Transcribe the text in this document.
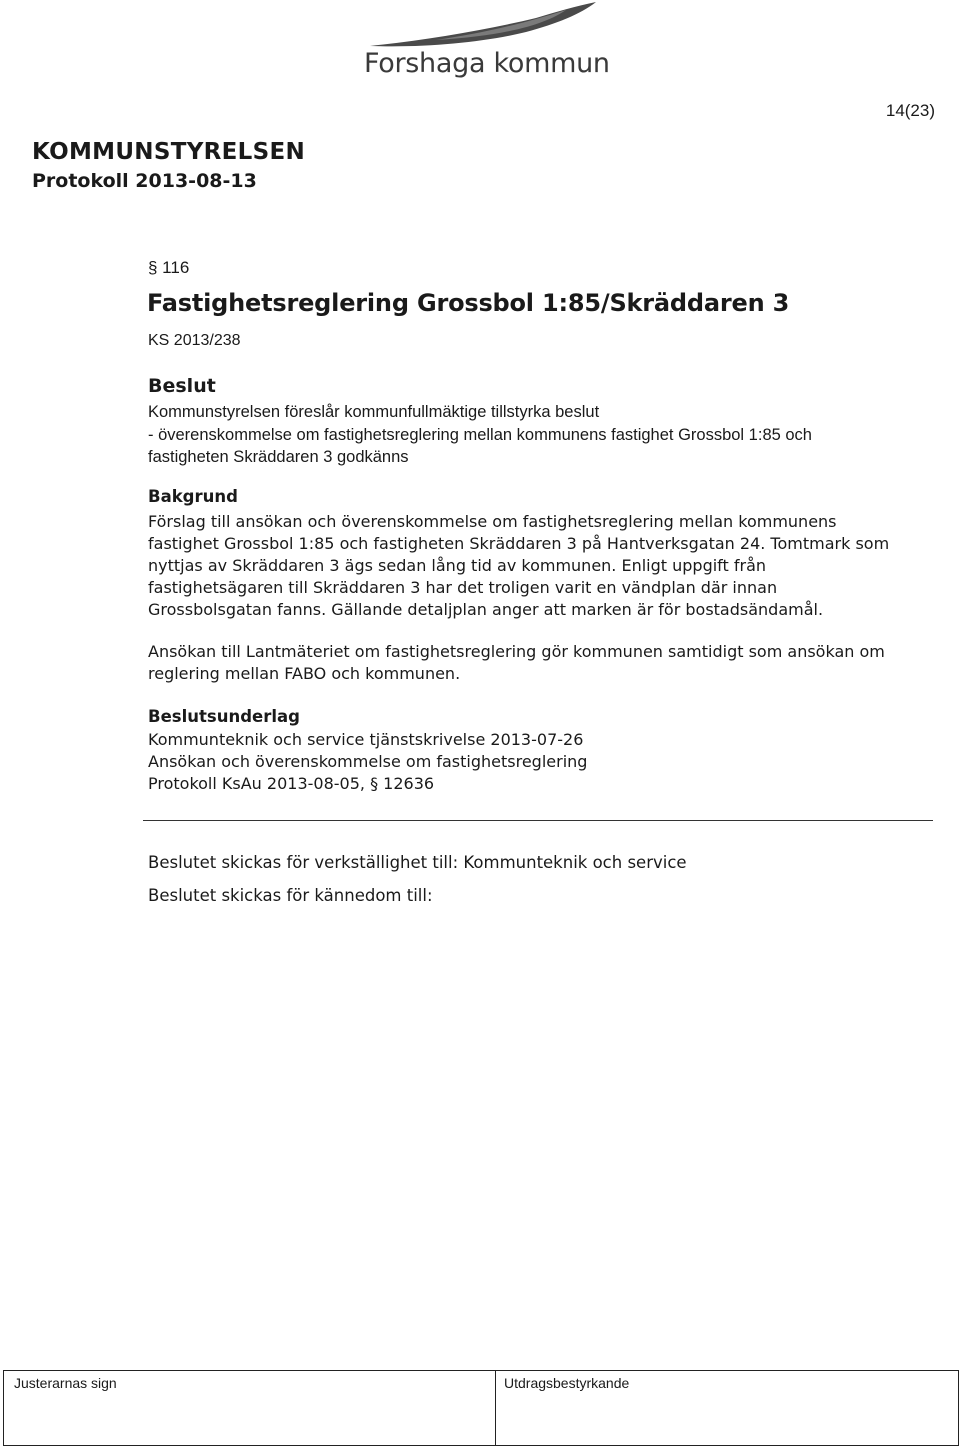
Forshaga kommun
14(23)
KOMMUNSTYRELSEN
Protokoll 2013-08-13
§ 116
Fastighetsreglering Grossbol 1:85/Skräddaren 3
KS 2013/238
Beslut
Kommunstyrelsen föreslår kommunfullmäktige tillstyrka beslut
- överenskommelse om fastighetsreglering mellan kommunens fastighet Grossbol 1:85 och
fastigheten Skräddaren 3 godkänns
Bakgrund
Förslag till ansökan och överenskommelse om fastighetsreglering mellan kommunens
fastighet Grossbol 1:85 och fastigheten Skräddaren 3 på Hantverksgatan 24. Tomtmark som
nyttjas av Skräddaren 3 ägs sedan lång tid av kommunen. Enligt uppgift från
fastighetsägaren till Skräddaren 3 har det troligen varit en vändplan där innan
Grossbolsgatan fanns. Gällande detaljplan anger att marken är för bostadsändamål.
Ansökan till Lantmäteriet om fastighetsreglering gör kommunen samtidigt som ansökan om
reglering mellan FABO och kommunen.
Beslutsunderlag
Kommunteknik och service tjänstskrivelse 2013-07-26
Ansökan och överenskommelse om fastighetsreglering
Protokoll KsAu 2013-08-05, § 12636
Beslutet skickas för verkställighet till: Kommunteknik och service
Beslutet skickas för kännedom till:
Justerarnas sign	Utdragsbestyrkande
